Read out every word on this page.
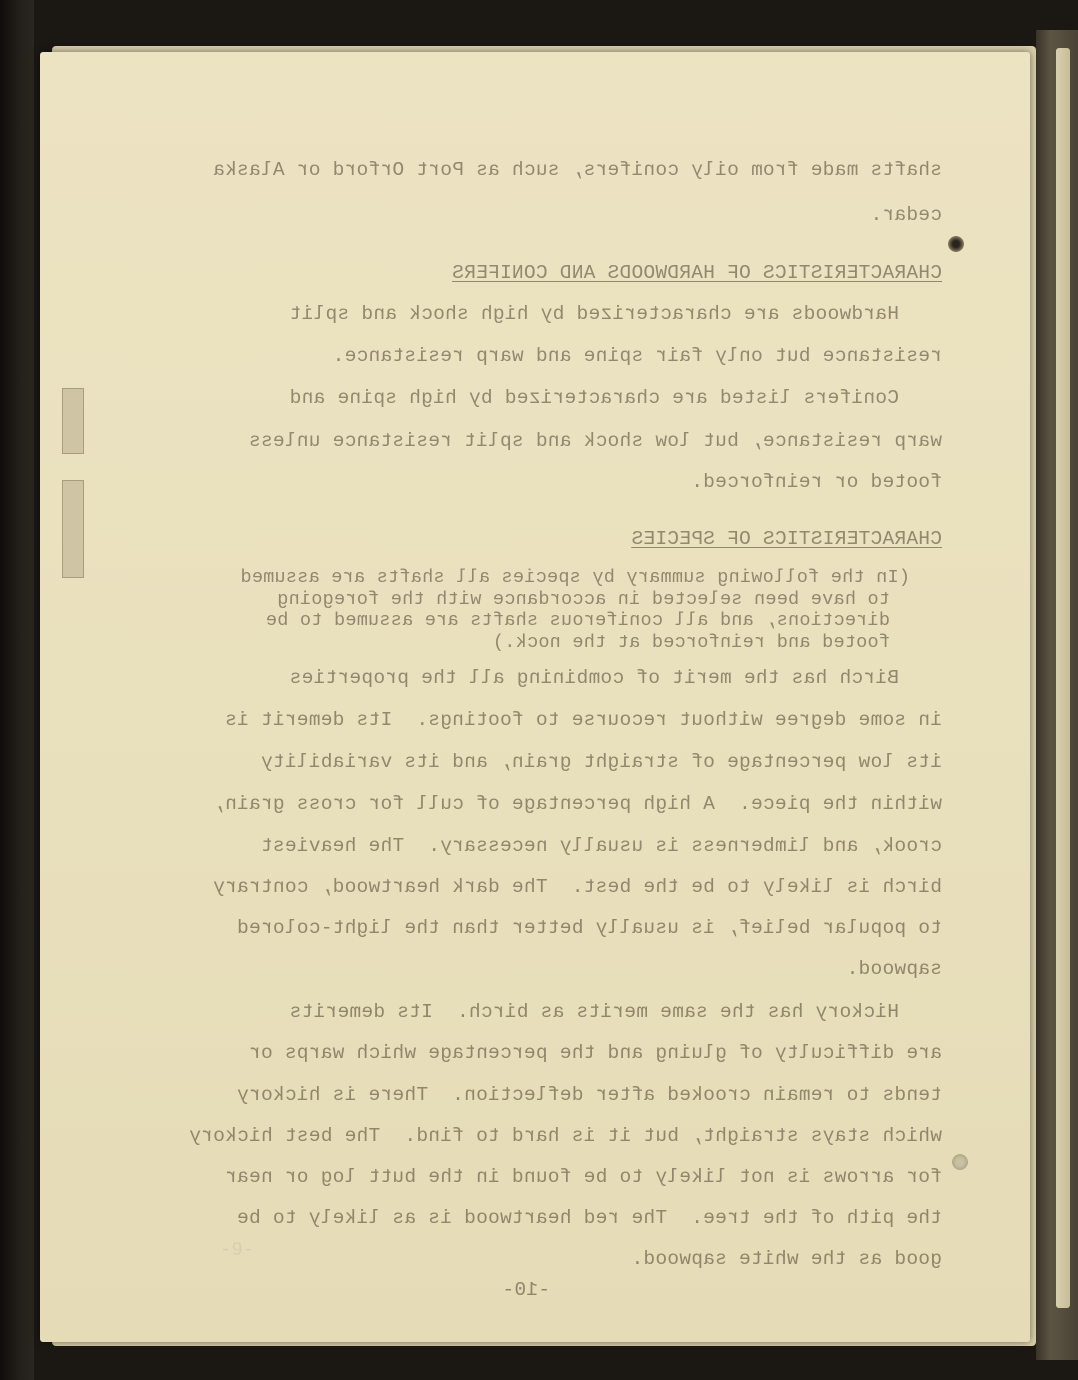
-9-
shafts made from oily conifers, such as Port Orford or Alaska
cedar.
CHARACTERISTICS OF HARDWOODS AND CONIFERS
Hardwoods are characterized by high shock and split
resistance but only fair spine and warp resistance.
Conifers listed are characterized by high spine and
warp resistance, but low shock and split resistance unless
footed or reinforced.
CHARACTERISTICS OF SPECIES
(In the following summary by species all shafts are assumed
to have been selected in accordance with the foregoing
directions, and all coniferous shafts are assumed to be
footed and reinforced at the nock.)
Birch has the merit of combining all the properties
in some degree without recourse to footings.  Its demerit is
its low percentage of straight grain, and its variability
within the piece.  A high percentage of cull for cross grain,
crook, and limberness is usually necessary.  The heaviest
birch is likely to be the best.  The dark heartwood, contrary
to popular belief, is usually better than the light-colored
sapwood.
Hickory has the same merits as birch.  Its demerits
are difficulty of gluing and the percentage which warps or
tends to remain crooked after deflection.  There is hickory
which stays straight, but it is hard to find.  The best hickory
for arrows is not likely to be found in the butt log or near
the pith of the tree.  The red heartwood is as likely to be
good as the white sapwood.
-10-
